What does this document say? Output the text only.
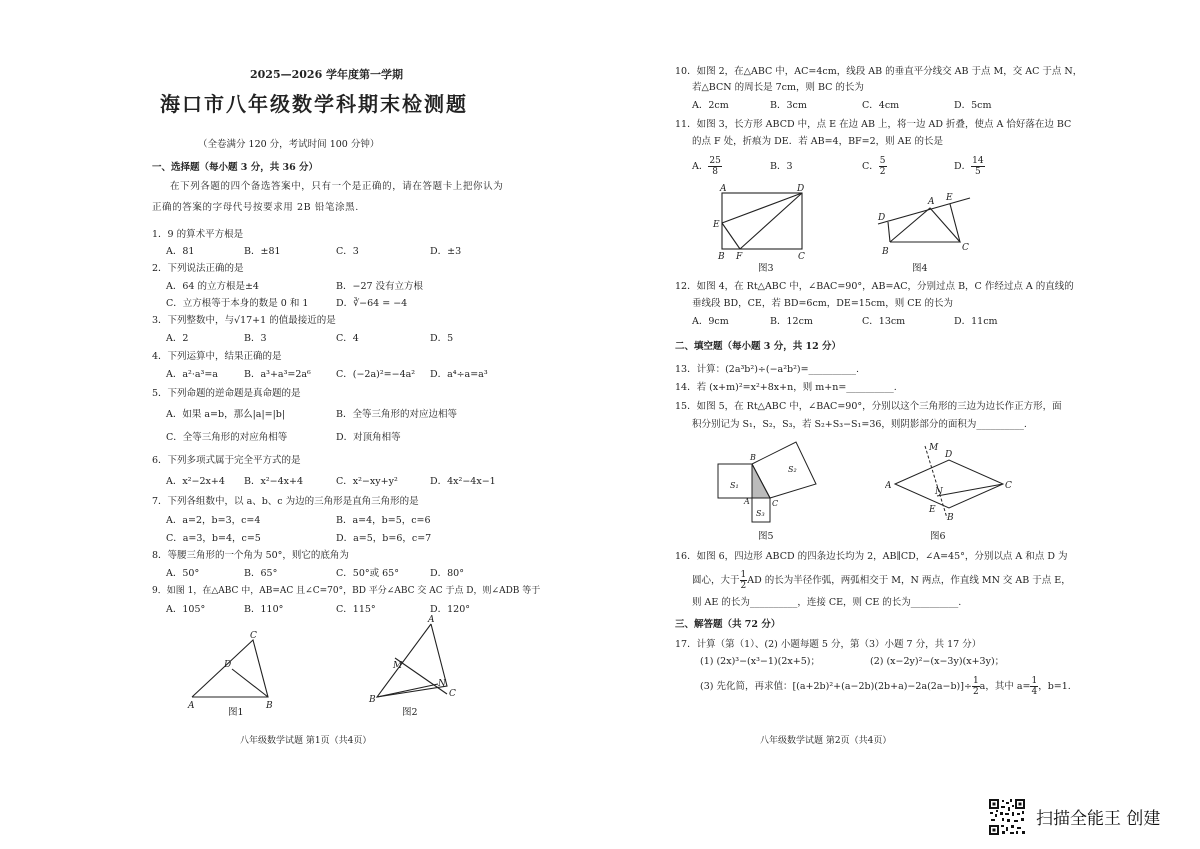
2025—2026 学年度第一学期
海口市八年级数学科期末检测题
（全卷满分 120 分，考试时间 100 分钟）
一、选择题（每小题 3 分，共 36 分）
在下列各题的四个备选答案中，只有一个是正确的，请在答题卡上把你认为
正确的答案的字母代号按要求用 2B 铅笔涂黑.
1．9 的算术平方根是
A．81	B．±81	C．3	D．±3
2．下列说法正确的是
A．64 的立方根是±4	B．−27 没有立方根
C．立方根等于本身的数是 0 和 1	D．∛−64 = −4
3．下列整数中，与√17+1 的值最接近的是
A．2	B．3	C．4	D．5
4．下列运算中，结果正确的是
A．a²·a³=a	B．a³+a³=2a⁶	C．(−2a)²=−4a² D．a⁴÷a=a³
5．下列命题的逆命题是真命题的是
A．如果 a=b，那么|a|=|b|	B．全等三角形的对应边相等
C．全等三角形的对应角相等	D．对顶角相等
6．下列多项式属于完全平方式的是
A．x²−2x+4 B．x²−4x+4	C．x²−xy+y²	D．4x²−4x−1
7．下列各组数中，以 a、b、c 为边的三角形是直角三角形的是
A．a=2，b=3，c=4	B．a=4，b=5，c=6
C．a=3，b=4，c=5	D．a=5，b=6，c=7
8．等腰三角形的一个角为 50°，则它的底角为
A．50°	B．65°	C．50°或 65°	D．80°
9．如图 1，在△ABC 中，AB=AC 且∠C=70°，BD 平分∠ABC 交 AC 于点 D，则∠ADB 等于
A．105°	B．110°	C．115°	D．120°
C
D
A	B
图1
A
M
N
B
C
图2
八年级数学试题 第1页（共4页）
10．如图 2，在△ABC 中，AC=4cm，线段 AB 的垂直平分线交 AB 于点 M，交 AC 于点 N，
若△BCN 的周长是 7cm，则 BC 的长为
A．2cm	B．3cm	C．4cm	D．5cm
11．如图 3，长方形 ABCD 中，点 E 在边 AB 上，将一边 AD 折叠，使点 A 恰好落在边 BC
的点 F 处，折痕为 DE．若 AB=4，BF=2，则 AE 的长是
A． $\frac{25}{8}$	B．3	C． $\frac{5}{2}$	D． $\frac{14}{5}$
A	D
E
B F	C
图3
D
A E
B	C
图4
12．如图 4，在 Rt△ABC 中，∠BAC=90°，AB=AC，分别过点 B，C 作经过点 A 的直线的
垂线段 BD，CE，若 BD=6cm，DE=15cm，则 CE 的长为
A．9cm	B．12cm	C．13cm	D．11cm
二、填空题（每小题 3 分，共 12 分）
13．计算：(2a³b²)÷(−a²b²)=__________.
14．若 (x+m)²=x²+8x+n，则 m+n=__________.
15．如图 5，在 Rt△ABC 中，∠BAC=90°，分别以这个三角形的三边为边长作正方形，面
积分别记为 S₁，S₂，S₃，若 S₂+S₃−S₁=36，则阴影部分的面积为__________.
S₁
S₂
S₃
B
A	C
图5
M
D
A
N
C
E
B
图6
16．如图 6，四边形 ABCD 的四条边长均为 2，AB∥CD，∠A=45°，分别以点 A 和点 D 为
圆心，大于 $\frac{1}{2}$ AD 的长为半径作弧，两弧相交于 M，N 两点，作直线 MN 交 AB 于点 E，
则 AE 的长为__________，连接 CE，则 CE 的长为__________.
三、解答题（共 72 分）
17．计算（第（1）、(2) 小题每题 5 分，第（3）小题 7 分，共 17 分）
(1) (2x)³−(x³−1)(2x+5)；	(2) (x−2y)²−(x−3y)(x+3y)；
(3) 先化简，再求值：$[(a+2b)^2+(a-2b)(2b+a)-2a(2a-b)]\div \frac{1}{2}$ a，其中 $a= \frac{1}{4}$ ，b=1.
八年级数学试题 第2页（共4页）
扫描全能王 创建
